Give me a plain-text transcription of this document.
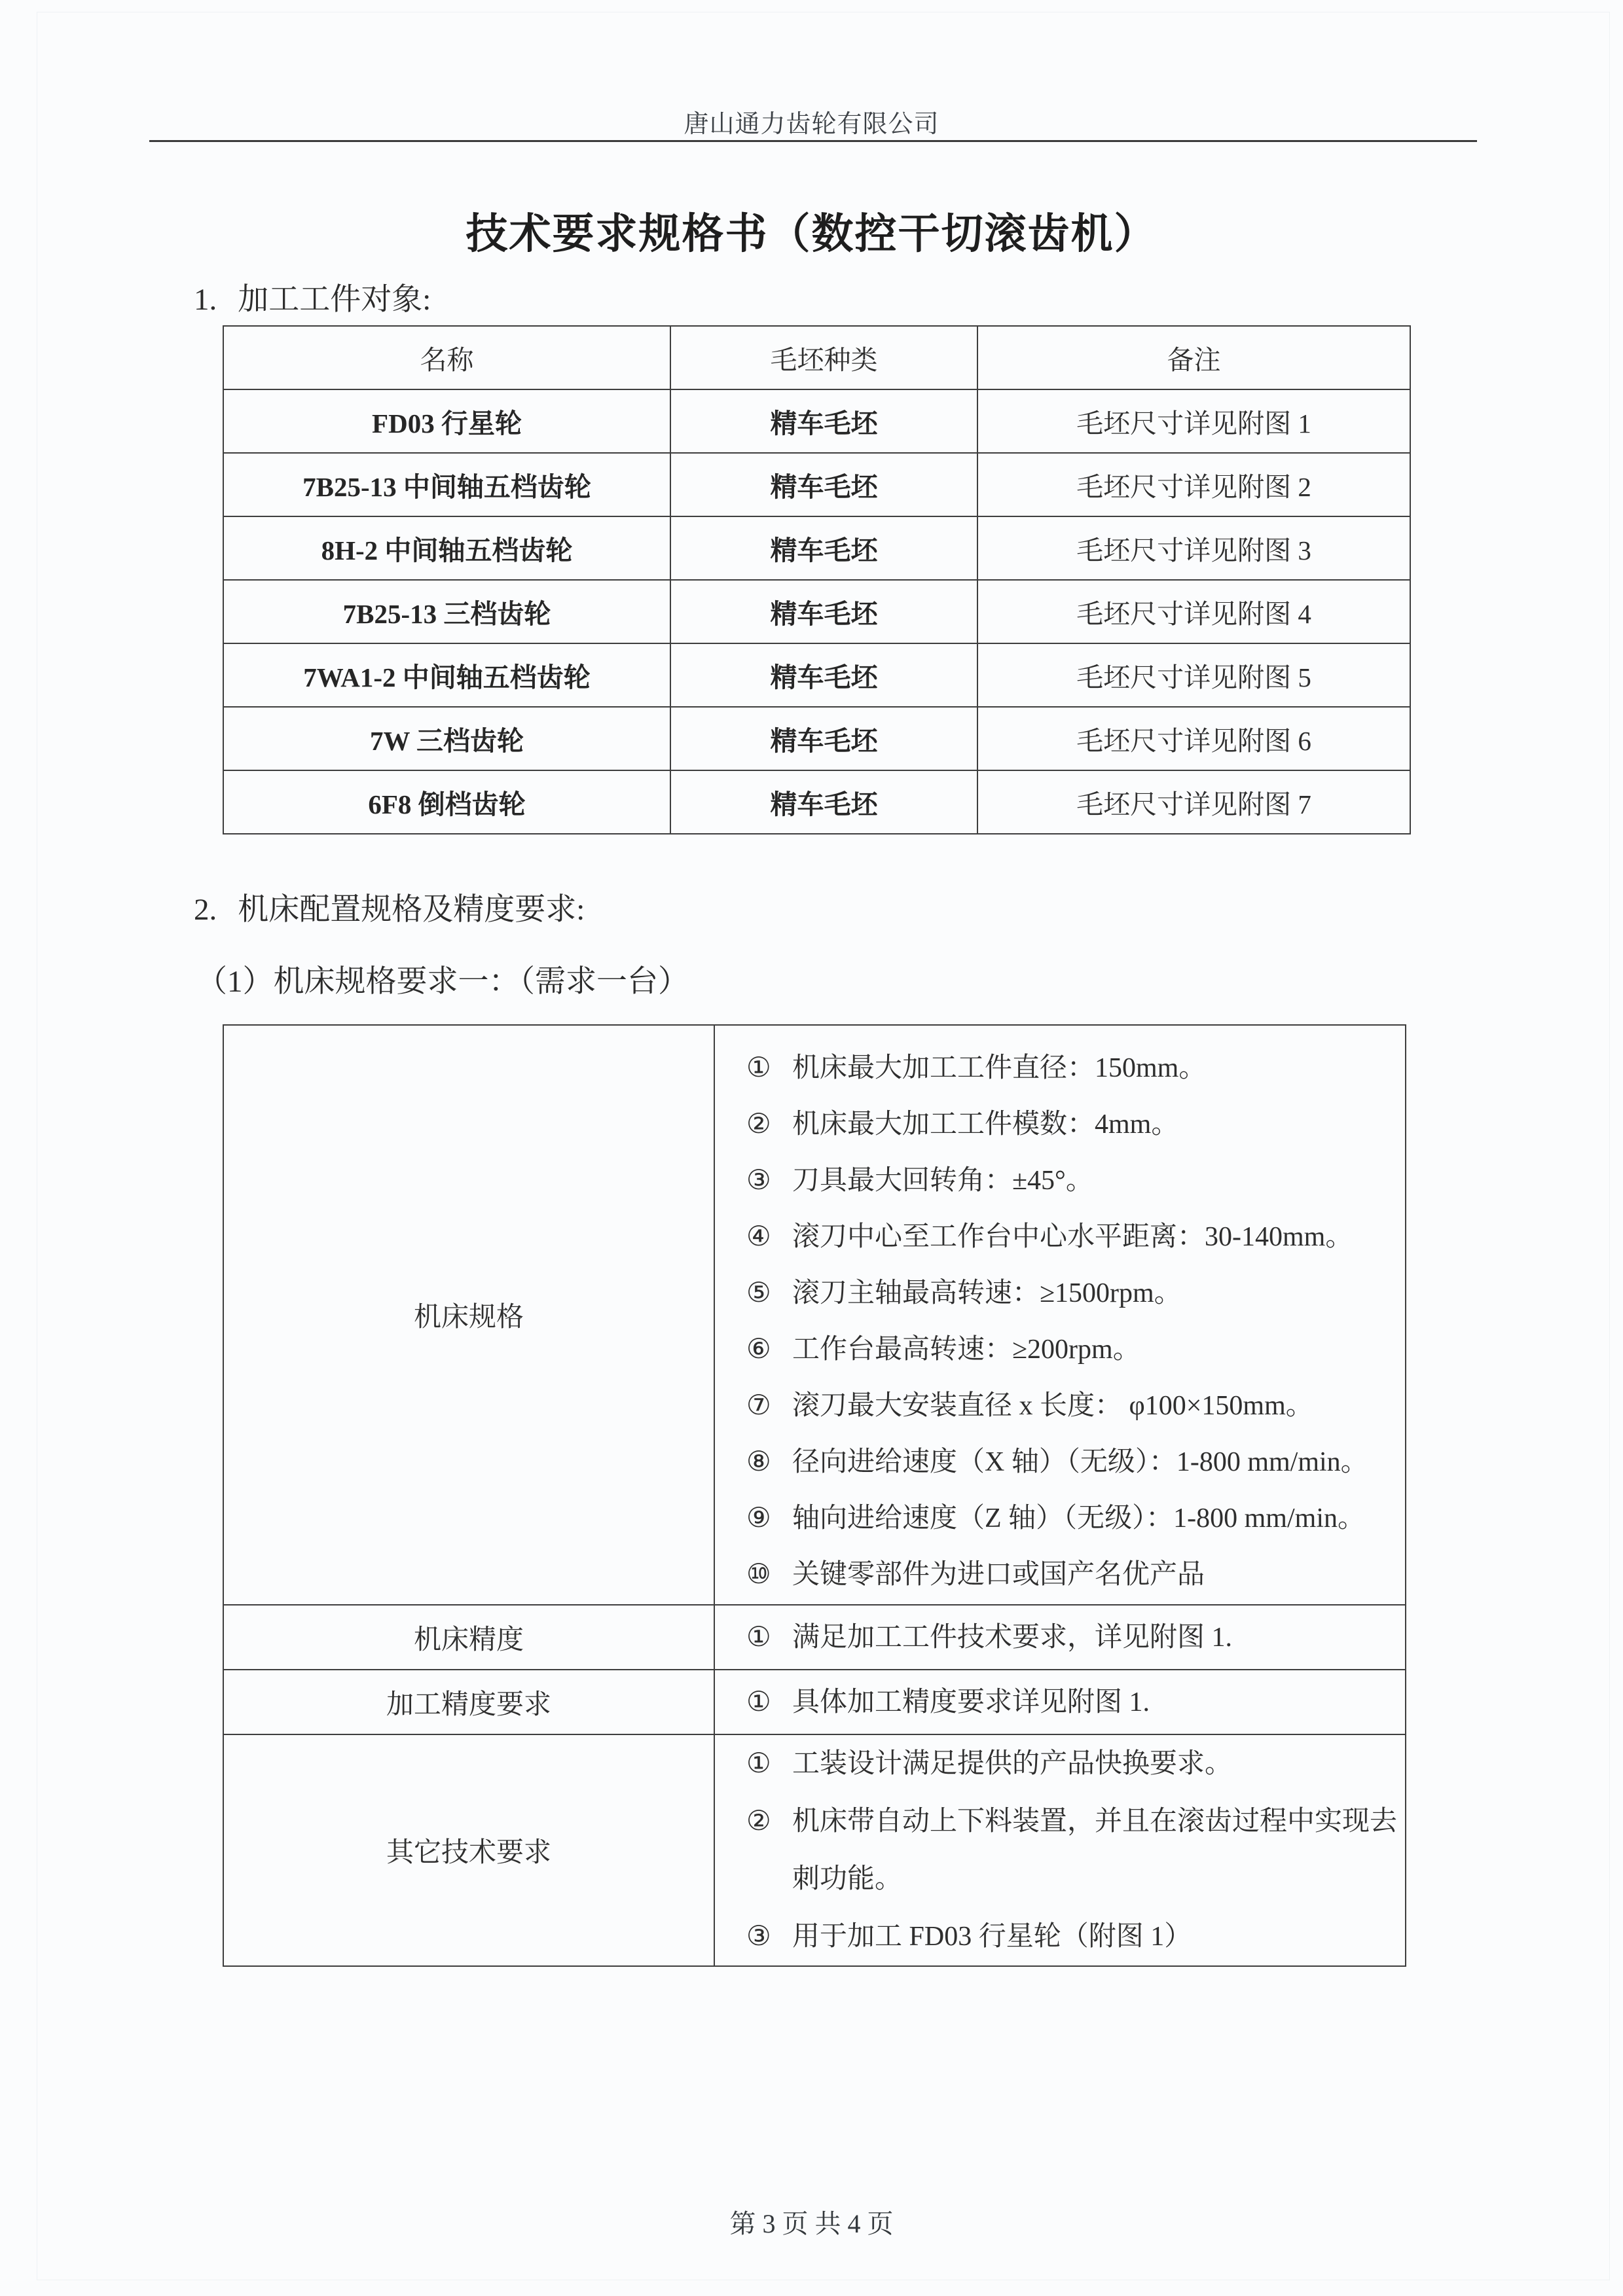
唐山通力齿轮有限公司
技术要求规格书（数控干切滚齿机）
1. 加工工件对象:
名称	毛坯种类	备注
FD03 行星轮	精车毛坯	毛坯尺寸详见附图 1
7B25-13 中间轴五档齿轮	精车毛坯	毛坯尺寸详见附图 2
8H-2 中间轴五档齿轮	精车毛坯	毛坯尺寸详见附图 3
7B25-13 三档齿轮	精车毛坯	毛坯尺寸详见附图 4
7WA1-2 中间轴五档齿轮	精车毛坯	毛坯尺寸详见附图 5
7W 三档齿轮	精车毛坯	毛坯尺寸详见附图 6
6F8 倒档齿轮	精车毛坯	毛坯尺寸详见附图 7
2. 机床配置规格及精度要求:
（1）机床规格要求一：（需求一台）
机床规格	
① 机床最大加工工件直径：150mm。
② 机床最大加工工件模数：4mm。
③ 刀具最大回转角：±45°。
④ 滚刀中心至工作台中心水平距离：30-140mm。
⑤ 滚刀主轴最高转速：≥1500rpm。
⑥ 工作台最高转速：≥200rpm。
⑦ 滚刀最大安装直径 x 长度： φ100×150mm。
⑧ 径向进给速度（X 轴）（无级）：1-800 mm/min。
⑨ 轴向进给速度（Z 轴）（无级）：1-800 mm/min。
⑩ 关键零部件为进口或国产名优产品

机床精度	① 满足加工工件技术要求，详见附图 1.

加工精度要求	① 具体加工精度要求详见附图 1.

其它技术要求	① 工装设计满足提供的产品快换要求。
② 机床带自动上下料装置，并且在滚齿过程中实现去刺功能。
③ 用于加工 FD03 行星轮（附图 1）
第 3 页 共 4 页
